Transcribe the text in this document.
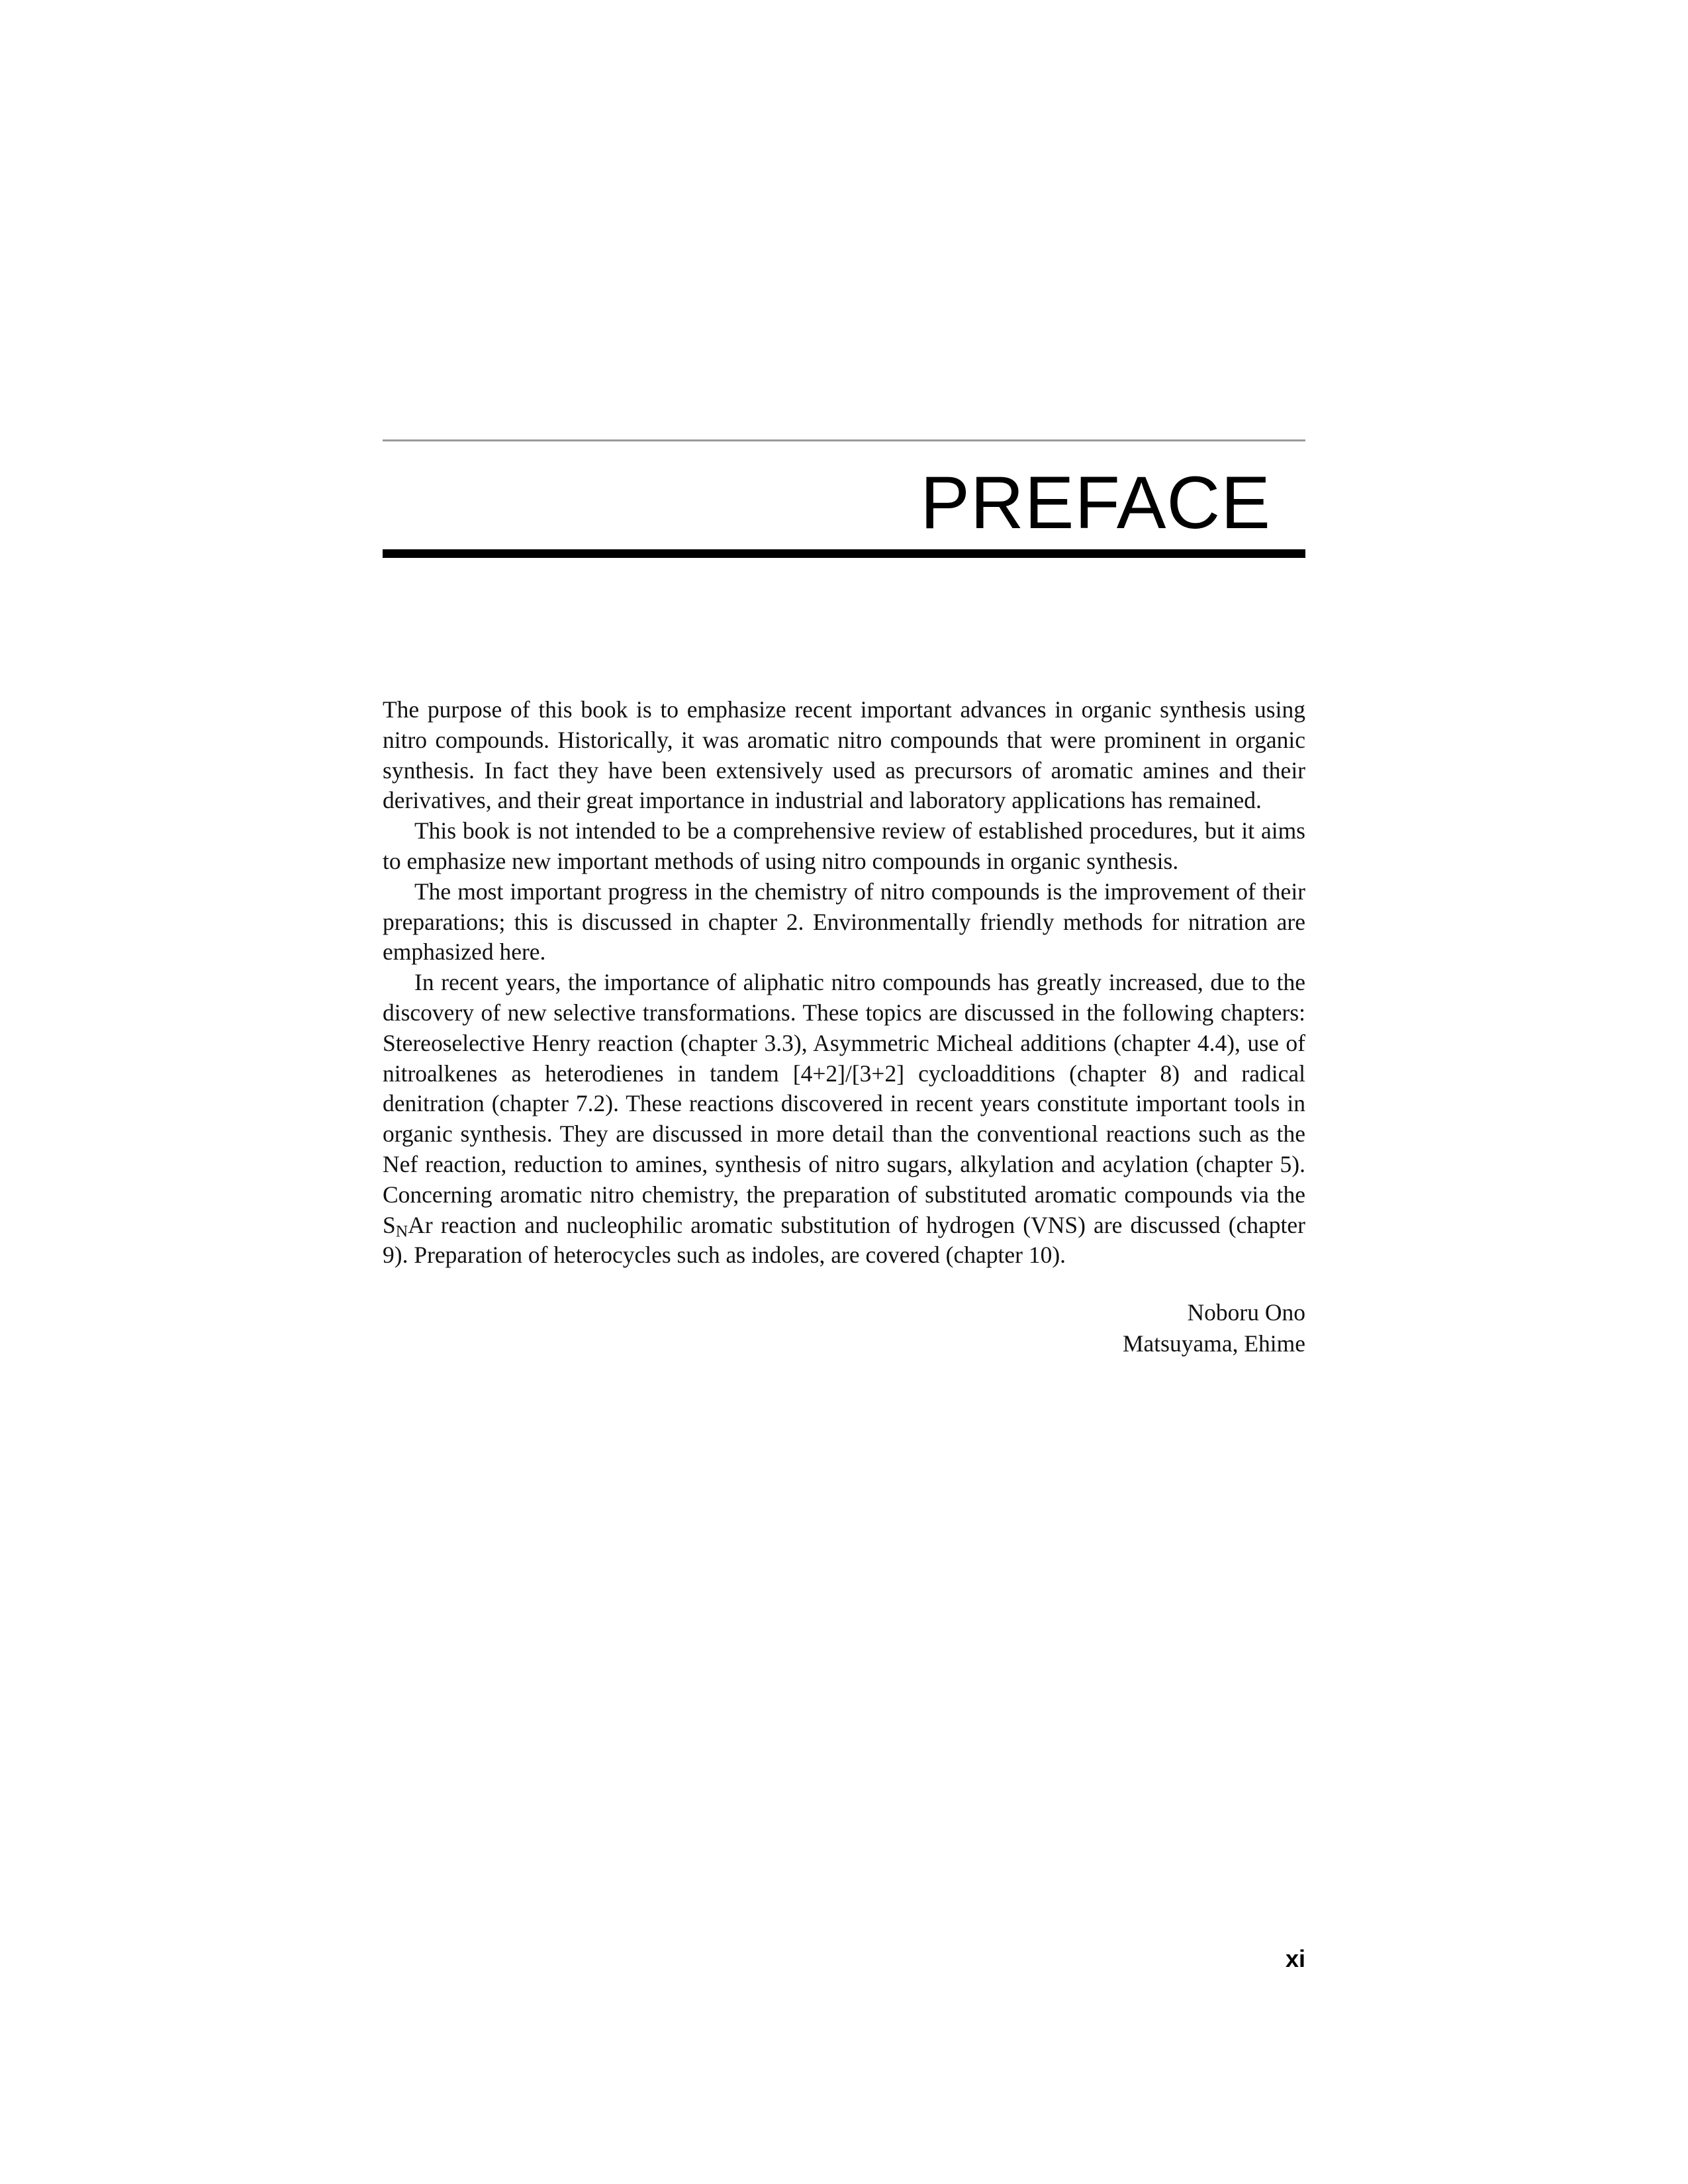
PREFACE

The purpose of this book is to emphasize recent important advances in organic synthesis using nitro compounds. Historically, it was aromatic nitro compounds that were prominent in organic synthesis. In fact they have been extensively used as precursors of aromatic amines and their derivatives, and their great importance in industrial and laboratory applications has remained.

This book is not intended to be a comprehensive review of established procedures, but it aims to emphasize new important methods of using nitro compounds in organic synthesis.

The most important progress in the chemistry of nitro compounds is the improvement of their preparations; this is discussed in chapter 2. Environmentally friendly methods for nitration are emphasized here.

In recent years, the importance of aliphatic nitro compounds has greatly increased, due to the discovery of new selective transformations. These topics are discussed in the following chapters: Stereoselective Henry reaction (chapter 3.3), Asymmetric Micheal additions (chapter 4.4), use of nitroalkenes as heterodienes in tandem [4+2]/[3+2] cycloadditions (chapter 8) and radical denitration (chapter 7.2). These reactions discovered in recent years constitute important tools in organic synthesis. They are discussed in more detail than the conventional reactions such as the Nef reaction, reduction to amines, synthesis of nitro sugars, alkylation and acylation (chapter 5). Concerning aromatic nitro chemistry, the preparation of substituted aromatic compounds via the $S_NAr$ reaction and nucleophilic aromatic substitution of hydrogen (VNS) are discussed (chapter 9). Preparation of heterocycles such as indoles, are covered (chapter 10).

Noboru Ono
Matsuyama, Ehime
xi
